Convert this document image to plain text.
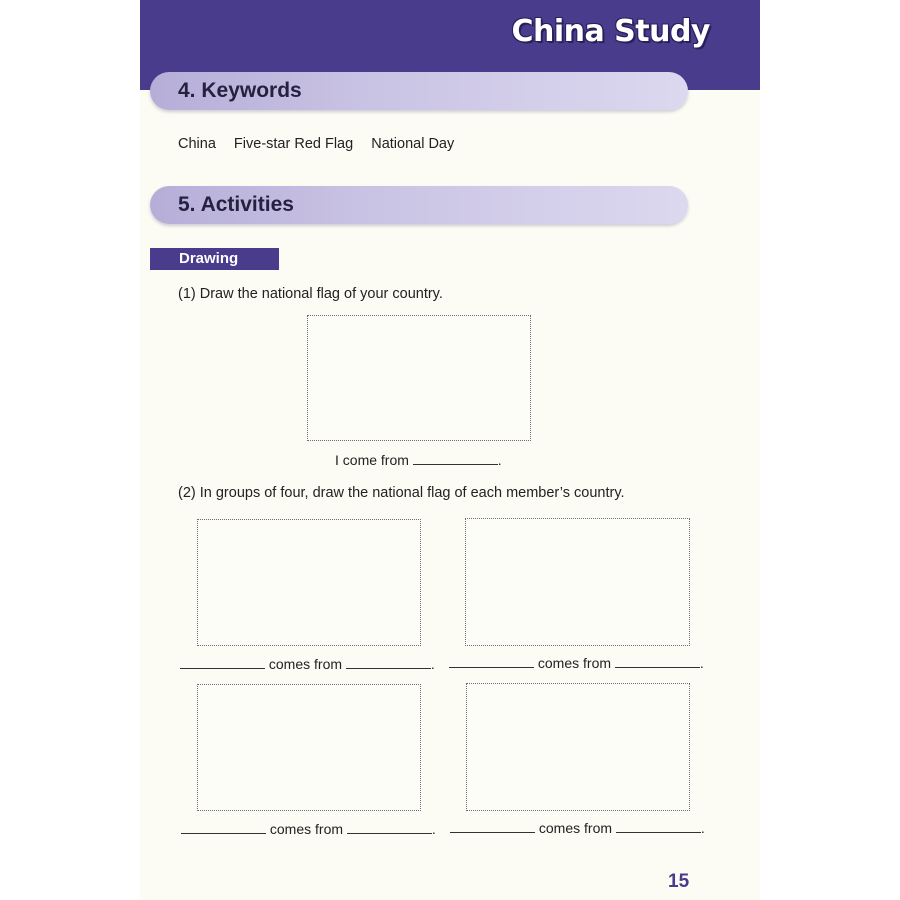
China Study
4. Keywords
China Five-star Red Flag National Day
5. Activities
Drawing
(1) Draw the national flag of your country.
I come from	.
(2) In groups of four, draw the national flag of each member’s country.
comes from	.	comes from	.
comes from	.	comes from	.
15
